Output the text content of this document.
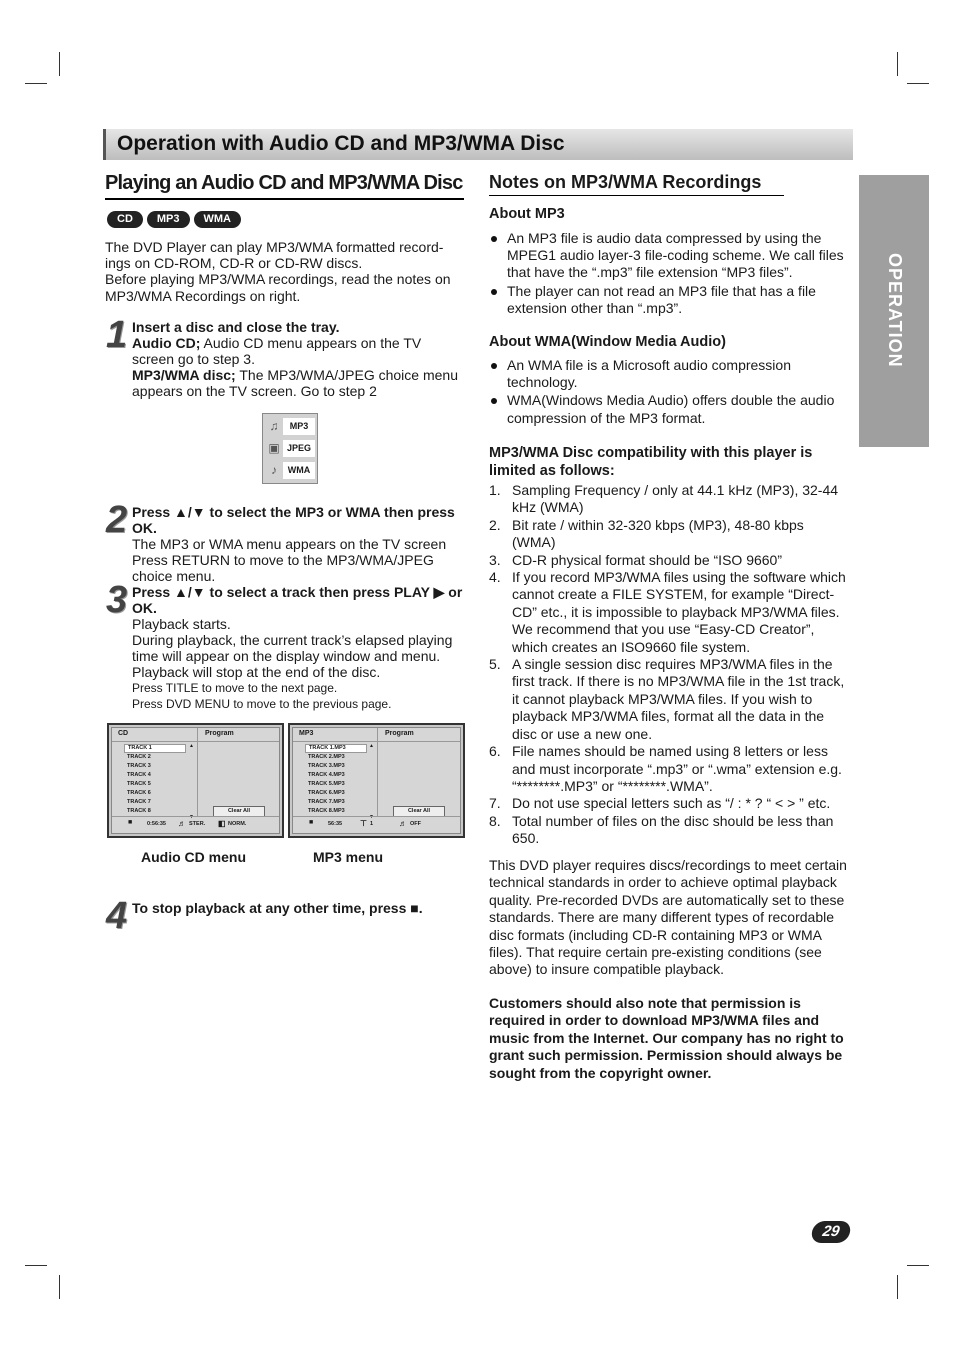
Operation with Audio CD and MP3/WMA Disc
OPERATION
Playing an Audio CD and MP3/WMA Disc
CD	MP3	WMA
The DVD Player can play MP3/WMA formatted record-ings on CD-ROM, CD-R or CD-RW discs.
Before playing MP3/WMA recordings, read the notes on MP3/WMA Recordings on right.
1 Insert a disc and close the tray.
Audio CD; Audio CD menu appears on the TV screen go to step 3.
MP3/WMA disc; The MP3/WMA/JPEG choice menu appears on the TV screen. Go to step 2
♫	MP3
▣ JPEG
♪	WMA
2 Press ▲/▼ to select the MP3 or WMA then press OK.
The MP3 or WMA menu appears on the TV screen
Press RETURN to move to the MP3/WMA/JPEG choice menu.
3 Press ▲/▼ to select a track then press PLAY ▶ or OK.
Playback starts.
During playback, the current track’s elapsed playing time will appear on the display window and menu. Playback will stop at the end of the disc.
Press TITLE to move to the next page.
Press DVD MENU to move to the previous page.
CD	Program
▲
▼
TRACK 1
TRACK 2
TRACK 3
TRACK 4
TRACK 5
TRACK 6
TRACK 7
TRACK 8	Clear All
■	0:56:35 ♬ STER. ◧ NORM.
MP3	Program
▲
▼
TRACK 1.MP3
TRACK 2.MP3
TRACK 3.MP3
TRACK 4.MP3
TRACK 5.MP3
TRACK 6.MP3
TRACK 7.MP3
TRACK 8.MP3	Clear All
■	56:35 ⊤ 1	♬ OFF
Audio CD menu	MP3 menu
4 To stop playback at any other time, press ■.
Notes on MP3/WMA Recordings
About MP3
An MP3 file is audio data compressed by using the MPEG1 audio layer-3 file-coding scheme. We call files that have the “.mp3” file extension “MP3 files”.
The player can not read an MP3 file that has a file extension other than “.mp3”.
About WMA(Window Media Audio)
An WMA file is a Microsoft audio compression technology.
WMA(Windows Media Audio) offers double the audio compression of the MP3 format.
MP3/WMA Disc compatibility with this player is limited as follows:
1. Sampling Frequency / only at 44.1 kHz (MP3), 32-44 kHz (WMA)
2. Bit rate / within 32-320 kbps (MP3), 48-80 kbps (WMA)
3. CD-R physical format should be “ISO 9660”
4. If you record MP3/WMA files using the software which cannot create a FILE SYSTEM, for example “Direct-CD” etc., it is impossible to playback MP3/WMA files. We recommend that you use “Easy-CD Creator”, which creates an ISO9660 file system.
5. A single session disc requires MP3/WMA files in the first track. If there is no MP3/WMA file in the 1st track, it cannot playback MP3/WMA files. If you wish to playback MP3/WMA files, format all the data in the disc or use a new one.
6. File names should be named using 8 letters or less and must incorporate “.mp3” or “.wma” extension e.g. “********.MP3” or “********.WMA”.
7. Do not use special letters such as “/ : * ? “ < > ” etc.
8. Total number of files on the disc should be less than 650.
This DVD player requires discs/recordings to meet certain technical standards in order to achieve optimal playback quality. Pre-recorded DVDs are automatically set to these standards. There are many different types of recordable disc formats (including CD-R containing MP3 or WMA files). That require certain pre-existing conditions (see above) to insure compatible playback.
Customers should also note that permission is required in order to download MP3/WMA files and music from the Internet. Our company has no right to grant such permission. Permission should always be sought from the copyright owner.
29
